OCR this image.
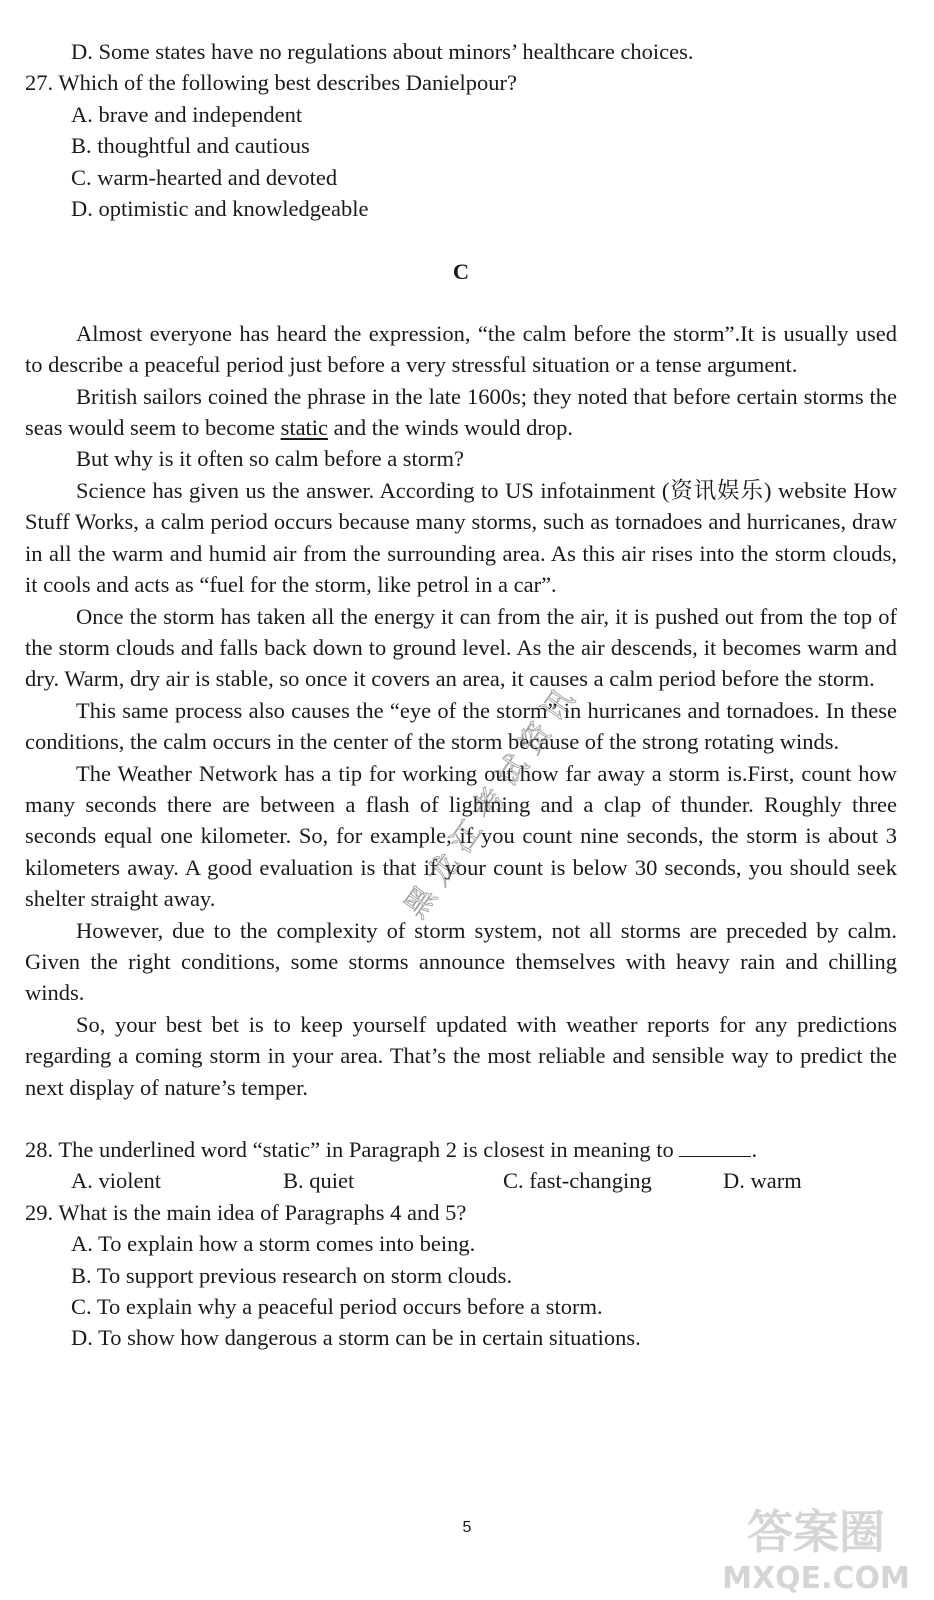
D. Some states have no regulations about minors’ healthcare choices.
27. Which of the following best describes Danielpour?
A. brave and independent
B. thoughtful and cautious
C. warm-hearted and devoted
D. optimistic and knowledgeable
C

Almost everyone has heard the expression, “the calm before the storm”.It is usually used to describe a peaceful period just before a very stressful situation or a tense argument.

British sailors coined the phrase in the late 1600s; they noted that before certain storms the seas would seem to become static and the winds would drop.

But why is it often so calm before a storm?

Science has given us the answer. According to US infotainment (资讯娱乐) website How Stuff Works, a calm period occurs because many storms, such as tornadoes and hurricanes, draw in all the warm and humid air from the surrounding area. As this air rises into the storm clouds, it cools and acts as “fuel for the storm, like petrol in a car”.

Once the storm has taken all the energy it can from the air, it is pushed out from the top of the storm clouds and falls back down to ground level. As the air descends, it becomes warm and dry. Warm, dry air is stable, so once it covers an area, it causes a calm period before the storm.

This same process also causes the “eye of the storm” in hurricanes and tornadoes. In these conditions, the calm occurs in the center of the storm because of the strong rotating winds.

The Weather Network has a tip for working out how far away a storm is.First, count how many seconds there are between a flash of lightning and a clap of thunder. Roughly three seconds equal one kilometer. So, for example, if you count nine seconds, the storm is about 3 kilometers away. A good evaluation is that if your count is below 30 seconds, you should seek shelter straight away.

However, due to the complexity of storm system, not all storms are preceded by calm. Given the right conditions, some storms announce themselves with heavy rain and chilling winds.

So, your best bet is to keep yourself updated with weather reports for any predictions regarding a coming storm in your area. That’s the most reliable and sensible way to predict the next display of nature’s temper.

28. The underlined word “static” in Paragraph 2 is closest in meaning to	.
A. violent	B. quiet	C. fast-changing	D. warm
29. What is the main idea of Paragraphs 4 and 5?
A. To explain how a storm comes into being.
B. To support previous research on storm clouds.
C. To explain why a peaceful period occurs before a storm.
D. To show how dangerous a storm can be in certain situations.
黑龙江考试资讯
5	答案圈
MXQE.COM
